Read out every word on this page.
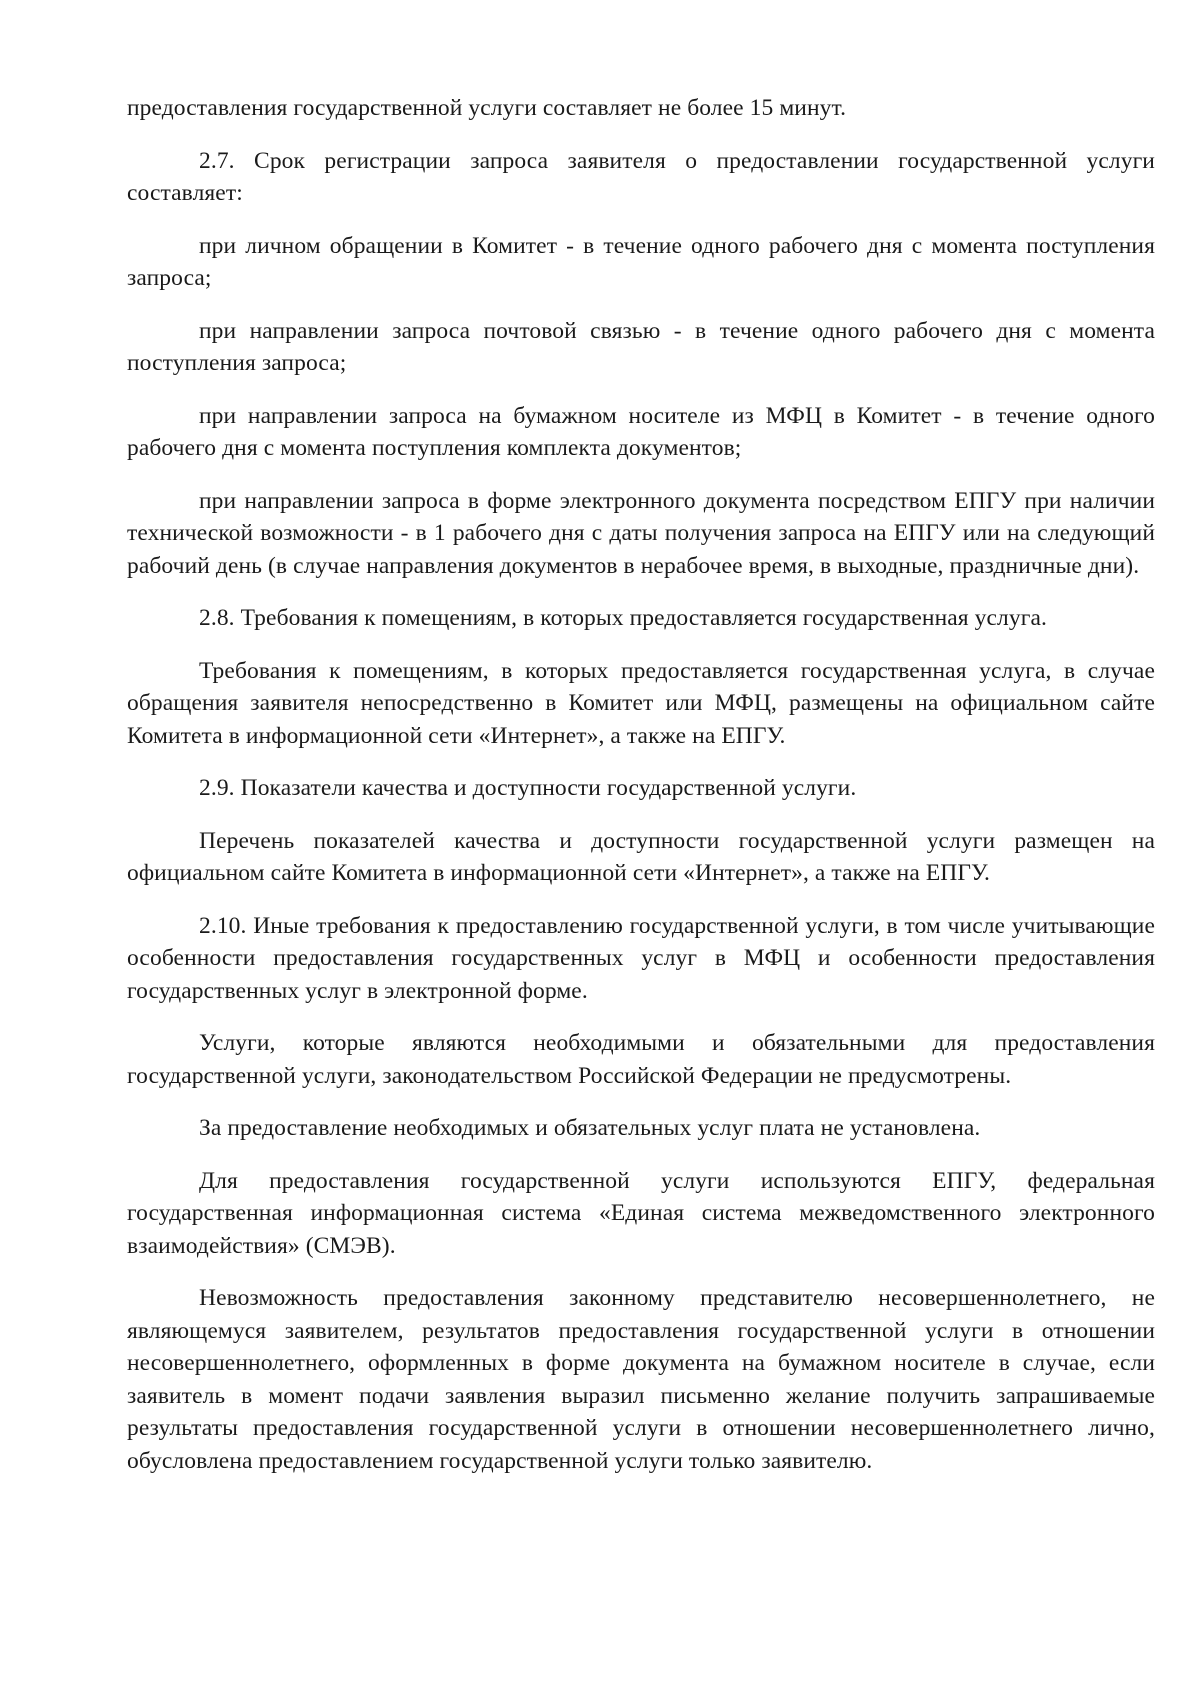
предоставления государственной услуги составляет не более 15 минут.

2.7. Срок регистрации запроса заявителя о предоставлении государственной услуги составляет:

при личном обращении в Комитет - в течение одного рабочего дня с момента поступления запроса;

при направлении запроса почтовой связью - в течение одного рабочего дня с момента поступления запроса;

при направлении запроса на бумажном носителе из МФЦ в Комитет - в течение одного рабочего дня с момента поступления комплекта документов;

при направлении запроса в форме электронного документа посредством ЕПГУ при наличии технической возможности - в 1 рабочего дня с даты получения запроса на ЕПГУ или на следующий рабочий день (в случае направления документов в нерабочее время, в выходные, праздничные дни).

2.8. Требования к помещениям, в которых предоставляется государственная услуга.

Требования к помещениям, в которых предоставляется государственная услуга, в случае обращения заявителя непосредственно в Комитет или МФЦ, размещены на официальном сайте Комитета в информационной сети «Интернет», а также на ЕПГУ.

2.9. Показатели качества и доступности государственной услуги.

Перечень показателей качества и доступности государственной услуги размещен на официальном сайте Комитета в информационной сети «Интернет», а также на ЕПГУ.

2.10. Иные требования к предоставлению государственной услуги, в том числе учитывающие особенности предоставления государственных услуг в МФЦ и особенности предоставления государственных услуг в электронной форме.

Услуги, которые являются необходимыми и обязательными для предоставления государственной услуги, законодательством Российской Федерации не предусмотрены.

За предоставление необходимых и обязательных услуг плата не установлена.

Для предоставления государственной услуги используются ЕПГУ, федеральная государственная информационная система «Единая система межведомственного электронного взаимодействия» (СМЭВ).

Невозможность предоставления законному представителю несовершеннолетнего, не являющемуся заявителем, результатов предоставления государственной услуги в отношении несовершеннолетнего, оформленных в форме документа на бумажном носителе в случае, если заявитель в момент подачи заявления выразил письменно желание получить запрашиваемые результаты предоставления государственной услуги в отношении несовершеннолетнего лично, обусловлена предоставлением государственной услуги только заявителю.
